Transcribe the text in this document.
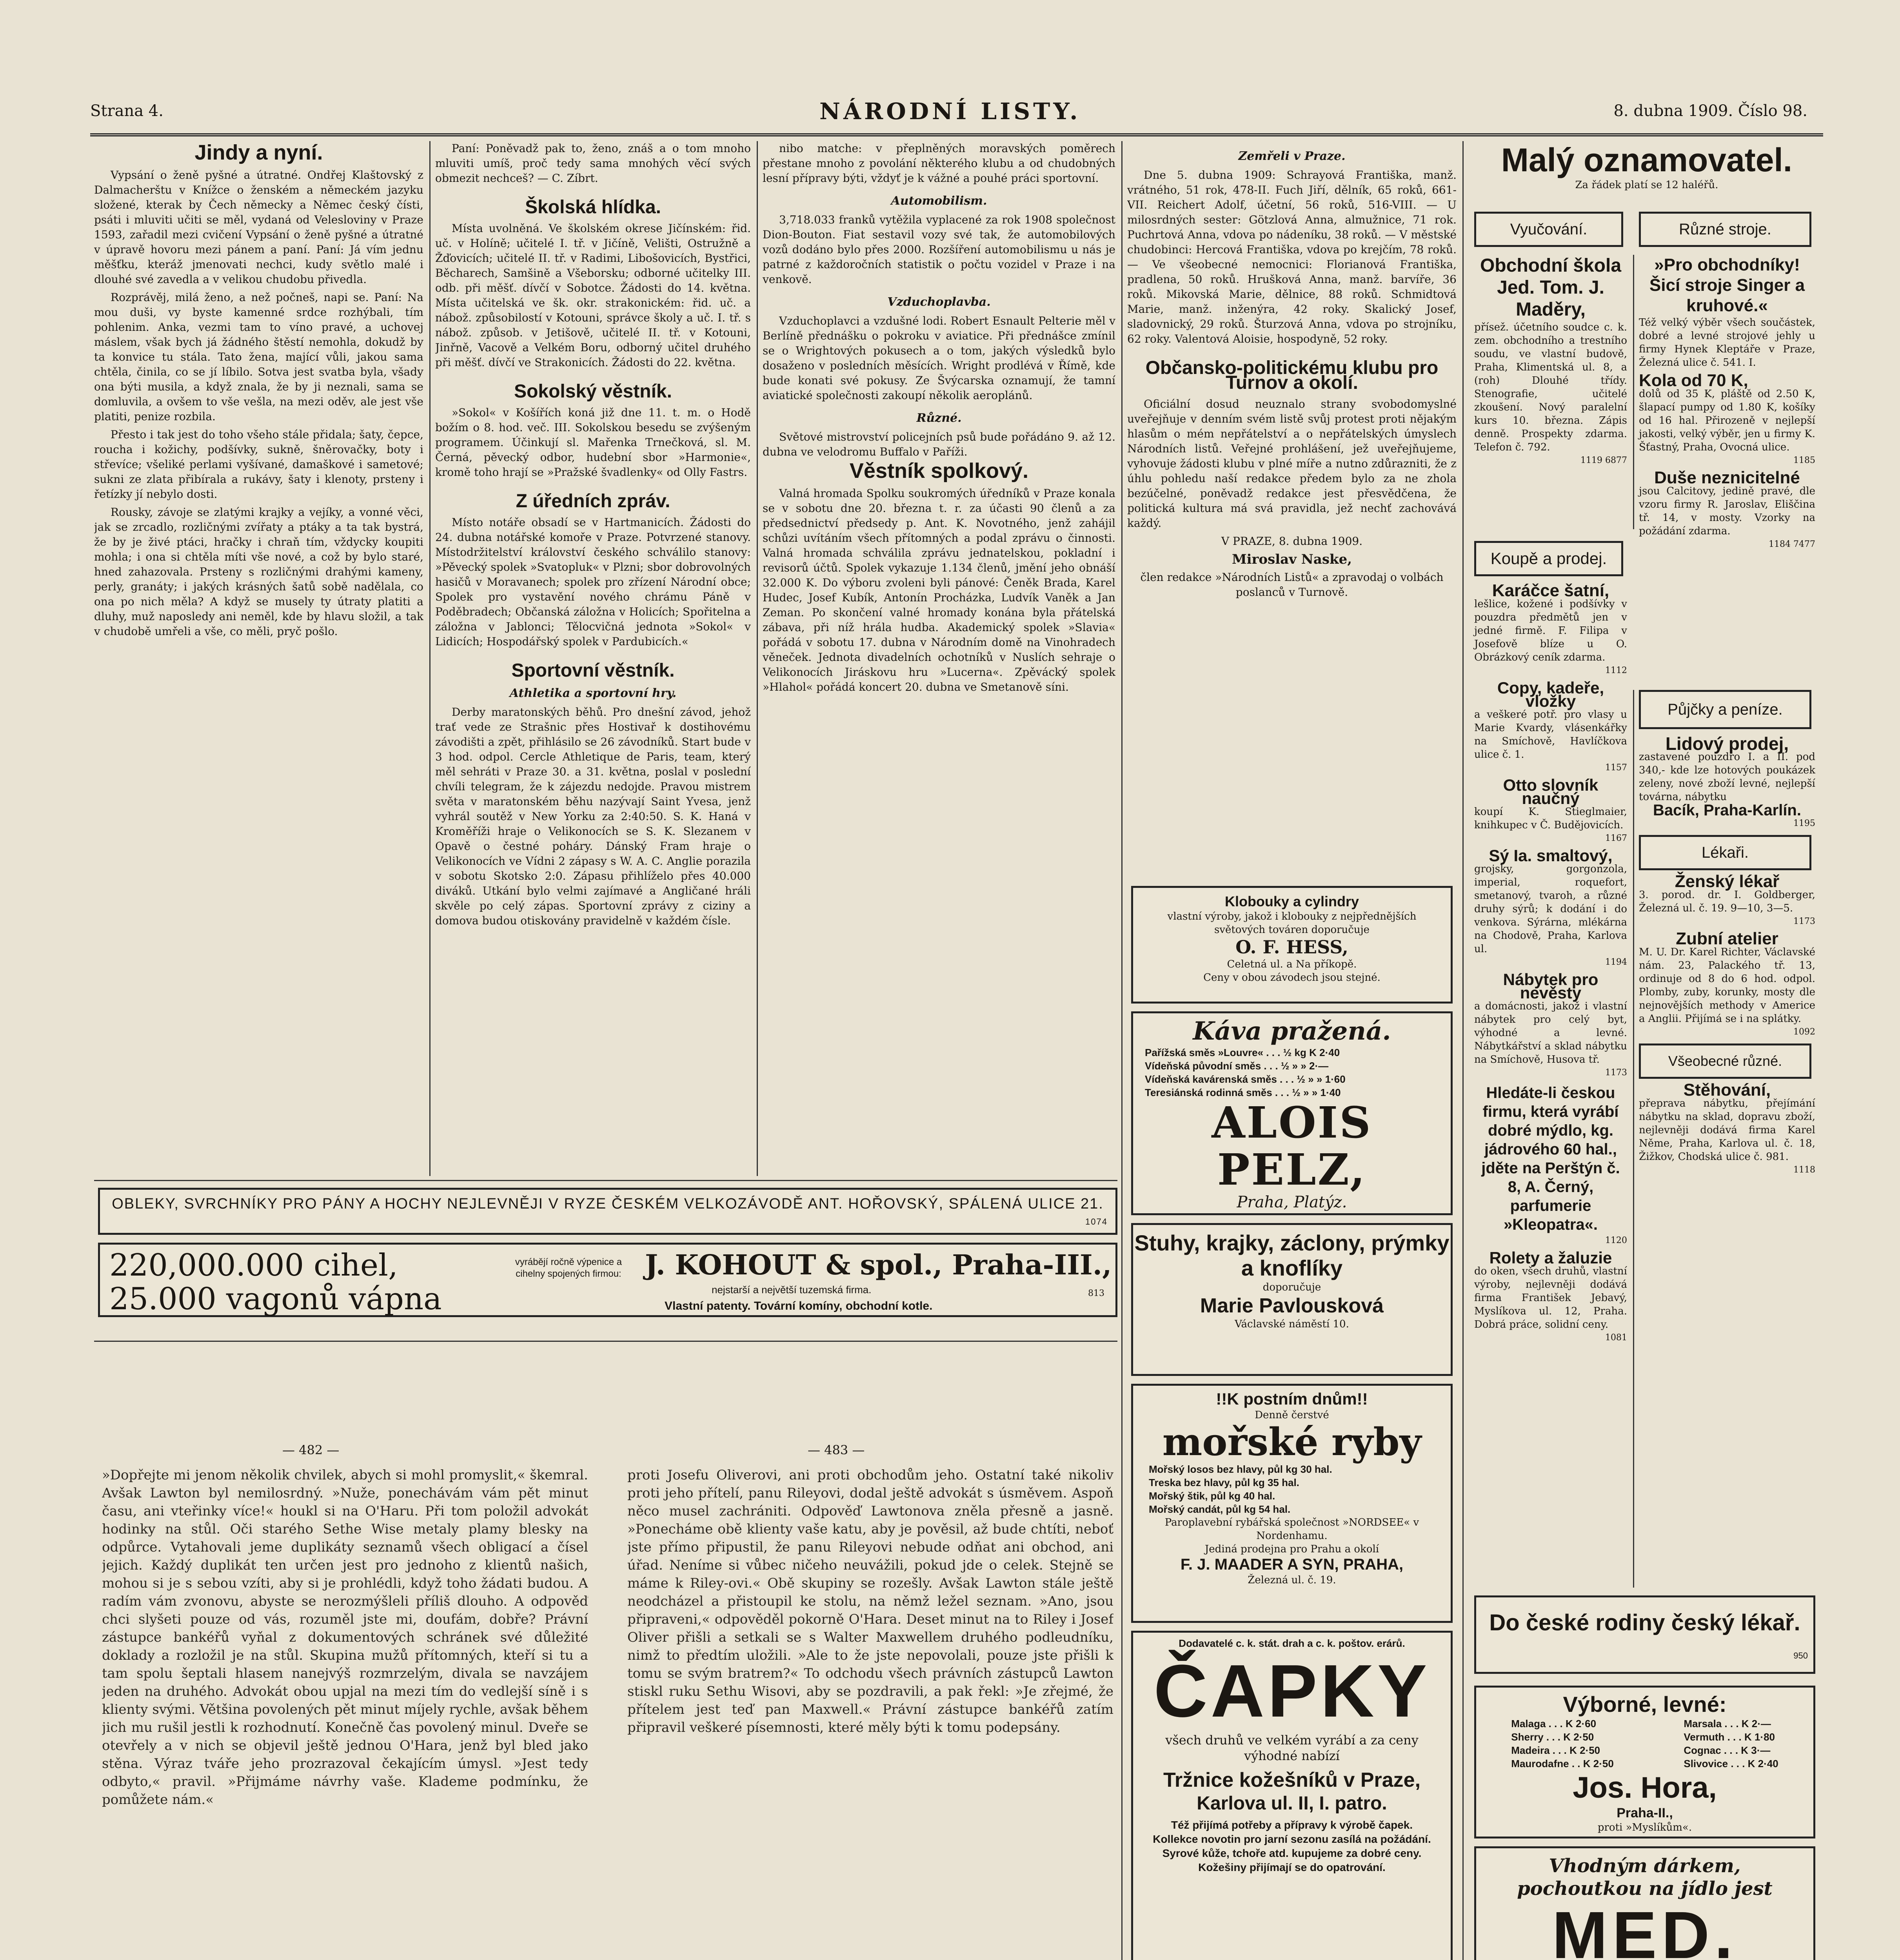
Strana 4.	NÁRODNÍ LISTY.	8. dubna 1909. Číslo 98.
Jindy a nyní.

Vypsání o ženě pyšné a útratné. Ondřej Klaštovský z Dalmacherštu v Knížce o ženském a německém jazyku složené, kterak by Čech německy a Němec český čísti, psáti i mluviti učiti se měl, vydaná od Velesloviny v Praze 1593, zařadil mezi cvičení Vypsání o ženě pyšné a útratné v úpravě hovoru mezi pánem a paní. Paní: Já vím jednu měšťku, kteráž jmenovati nechci, kudy světlo malé i dlouhé své zavedla a v velikou chudobu přivedla.

Rozprávěj, milá ženo, a než počneš, napi se. Paní: Na mou duši, vy byste kamenné srdce rozhýbali, tím pohlenim. Anka, vezmi tam to víno pravé, a uchovej máslem, však bych já žádného štěstí nemohla, dokudž by ta konvice tu stála. Tato žena, mající vůli, jakou sama chtěla, činila, co se jí líbilo. Sotva jest svatba byla, všady ona býti musila, a když znala, že by ji neznali, sama se domluvila, a ovšem to vše vešla, na mezi oděv, ale jest vše platiti, penize rozbila.

Přesto i tak jest do toho všeho stále přidala; šaty, čepce, roucha i kožichy, podšívky, sukně, šněrovačky, boty i střevíce; všeliké perlami vyšívané, damaškové i sametové; sukni ze zlata přibírala a rukávy, šaty i klenoty, prsteny i řetízky jí nebylo dosti.

Rousky, závoje se zlatými krajky a vejíky, a vonné věci, jak se zrcadlo, rozličnými zvířaty a ptáky a ta tak bystrá, že by je živé ptáci, hračky i chraň tím, vždycky koupiti mohla; i ona si chtěla míti vše nové, a což by bylo staré, hned zahazovala. Prsteny s rozličnými drahými kameny, perly, granáty; i jakých krásných šatů sobě nadělala, co ona po nich měla? A když se musely ty útraty platiti a dluhy, muž naposledy ani neměl, kde by hlavu složil, a tak v chudobě umřeli a vše, co měli, pryč pošlo.

Paní: Poněvadž pak to, ženo, znáš a o tom mnoho mluviti umíš, proč tedy sama mnohých věcí svých obmezit nechceš? — C. Zíbrt.

Školská hlídka.

Místa uvolněná. Ve školském okrese Jičínském: řid. uč. v Holíně; učitelé I. tř. v Jičíně, Velišti, Ostružně a Žďovicích; učitelé II. tř. v Radimi, Libošovicích, Bystřici, Běcharech, Samšině a Všeborsku; odborné učitelky III. odb. při měšť. dívčí v Sobotce. Žádosti do 14. května. Místa učitelská ve šk. okr. strakonickém: řid. uč. a nábož. způsobilostí v Kotouni, správce školy a uč. I. tř. s nábož. způsob. v Jetišově, učitelé II. tř. v Kotouni, Jinřně, Vacově a Velkém Boru, odborný učitel druhého při měšť. dívčí ve Strakonicích. Žádosti do 22. května.

Sokolský věstník.

»Sokol« v Košířích koná již dne 11. t. m. o Hodě božím o 8. hod. več. III. Sokolskou besedu se zvýšeným programem. Účinkují sl. Mařenka Trnečková, sl. M. Černá, pěvecký odbor, hudební sbor »Harmonie«, kromě toho hrají se »Pražské švadlenky« od Olly Fastrs.

Z úředních zpráv.

Místo notáře obsadí se v Hartmanicích. Žádosti do 24. dubna notářské komoře v Praze. Potvrzené stanovy. Místodržitelství království českého schválilo stanovy: »Pěvecký spolek »Svatopluk« v Plzni; sbor dobrovolných hasičů v Moravanech; spolek pro zřízení Národní obce; Spolek pro vystavění nového chrámu Páně v Poděbradech; Občanská záložna v Holicích; Spořitelna a záložna v Jablonci; Tělocvičná jednota »Sokol« v Lidicích; Hospodářský spolek v Pardubicích.«

Sportovní věstník.
Athletika a sportovní hry.

Derby maratonských běhů. Pro dnešní závod, jehož trať vede ze Strašnic přes Hostivař k dostihovému závodišti a zpět, přihlásilo se 26 závodníků. Start bude v 3 hod. odpol. Cercle Athletique de Paris, team, který měl sehráti v Praze 30. a 31. května, poslal v poslední chvíli telegram, že k zájezdu nedojde. Pravou mistrem světa v maratonském běhu nazývají Saint Yvesa, jenž vyhrál soutěž v New Yorku za 2:40:50. S. K. Haná v Kroměříži hraje o Velikonocích se S. K. Slezanem v Opavě o čestné poháry. Dánský Fram hraje o Velikonocích ve Vídni 2 zápasy s W. A. C. Anglie porazila v sobotu Skotsko 2:0. Zápasu přihlíželo přes 40.000 diváků. Utkání bylo velmi zajímavé a Angličané hráli skvěle po celý zápas. Sportovní zprávy z ciziny a domova budou otiskovány pravidelně v každém čísle.

nibo matche: v přeplněných moravských poměrech přestane mnoho z povolání některého klubu a od chudobných lesní přípravy býti, vždyť je k vážné a pouhé práci sportovní.

Automobilism.

3,718.033 franků vytěžila vyplacené za rok 1908 společnost Dion-Bouton. Fiat sestavil vozy své tak, že automobilových vozů dodáno bylo přes 2000. Rozšíření automobilismu u nás je patrné z každoročních statistik o počtu vozidel v Praze i na venkově.

Vzduchoplavba.

Vzduchoplavci a vzdušné lodi. Robert Esnault Pelterie měl v Berlíně přednášku o pokroku v aviatice. Při přednášce zmínil se o Wrightových pokusech a o tom, jakých výsledků bylo dosaženo v posledních měsících. Wright prodlévá v Římě, kde bude konati své pokusy. Ze Švýcarska oznamují, že tamní aviatické společnosti zakoupí několik aeroplánů.

Různé.

Světové mistrovství policejních psů bude pořádáno 9. až 12. dubna ve velodromu Buffalo v Paříži.

Věstník spolkový.

Valná hromada Spolku soukromých úředníků v Praze konala se v sobotu dne 20. března t. r. za účasti 90 členů a za předsednictví předsedy p. Ant. K. Novotného, jenž zahájil schůzi uvítáním všech přítomných a podal zprávu o činnosti. Valná hromada schválila zprávu jednatelskou, pokladní i revisorů účtů. Spolek vykazuje 1.134 členů, jmění jeho obnáší 32.000 K. Do výboru zvoleni byli pánové: Čeněk Brada, Karel Hudec, Josef Kubík, Antonín Procházka, Ludvík Vaněk a Jan Zeman. Po skončení valné hromady konána byla přátelská zábava, při níž hrála hudba. Akademický spolek »Slavia« pořádá v sobotu 17. dubna v Národním domě na Vinohradech věneček. Jednota divadelních ochotníků v Nuslích sehraje o Velikonocích Jiráskovu hru »Lucerna«. Zpěvácký spolek »Hlahol« pořádá koncert 20. dubna ve Smetanově síni.

Zemřeli v Praze.

Dne 5. dubna 1909: Schrayová Františka, manž. vrátného, 51 rok, 478-II. Fuch Jiří, dělník, 65 roků, 661-VII. Reichert Adolf, účetní, 56 roků, 516-VIII. — U milosrdných sester: Götzlová Anna, almužnice, 71 rok. Puchrtová Anna, vdova po nádeníku, 38 roků. — V městské chudobinci: Hercová Františka, vdova po krejčím, 78 roků. — Ve všeobecné nemocnici: Florianová Františka, pradlena, 50 roků. Hrušková Anna, manž. barvíře, 36 roků. Mikovská Marie, dělnice, 88 roků. Schmidtová Marie, manž. inženýra, 42 roky. Skalický Josef, sladovnický, 29 roků. Šturzová Anna, vdova po strojníku, 62 roky. Valentová Aloisie, hospodyně, 52 roky.

Občansko-politickému klubu pro Turnov a okolí.

Oficiální dosud neuznalo strany svobodomyslné uveřejňuje v denním svém listě svůj protest proti nějakým hlasům o mém nepřátelství a o nepřátelských úmyslech Národních listů. Veřejné prohlášení, jež uveřejňujeme, vyhovuje žádosti klubu v plné míře a nutno zdůrazniti, že z úhlu pohledu naší redakce předem bylo za ne zhola bezúčelné, poněvadž redakce jest přesvědčena, že politická kultura má svá pravidla, jež nechť zachovává každý.

V PRAZE, 8. dubna 1909.

Miroslav Naske,

člen redakce »Národních Listů« a zpravodaj o volbách poslanců v Turnově.

OBLEKY, SVRCHNÍKY PRO PÁNY A HOCHY NEJLEVNĚJI V RYZE ČESKÉM VELKOZÁVODĚ ANT. HOŘOVSKÝ, SPÁLENÁ ULICE 21.
1074
220,000.000 cihel,
25.000 vagonů vápna
vyrábějí ročně výpenice a cihelny spojených firmou: J. KOHOUT & spol., Praha-III.,
nejstarší a největší tuzemská firma.
Vlastní patenty. Tovární komíny, obchodní kotle.
813
— 482 —	— 483 —
»Dopřejte mi jenom několik chvilek, abych si mohl promyslit,« škemral. Avšak Lawton byl nemilosrdný. »Nuže, ponechávám vám pět minut času, ani vteřinky více!« houkl si na O'Haru. Při tom položil advokát hodinky na stůl. Oči starého Sethe Wise metaly plamy blesky na odpůrce. Vytahovali jeme duplikáty seznamů všech obligací a čísel jejich. Každý duplikát ten určen jest pro jednoho z klientů našich, mohou si je s sebou vzíti, aby si je prohlédli, když toho žádati budou. A radím vám zvonovu, abyste se nerozmýšleli příliš dlouho. A odpověď chci slyšeti pouze od vás, rozuměl jste mi, doufám, dobře? Právní zástupce bankéřů vyňal z dokumentových schránek své důležité doklady a rozložil je na stůl. Skupina mužů přítomných, kteří si tu a tam spolu šeptali hlasem nanejvýš rozmrzelým, divala se navzájem jeden na druhého. Advokát obou upjal na mezi tím do vedlejší síně i s klienty svými. Většina povolených pět minut míjely rychle, avšak během jich mu rušil jestli k rozhodnutí. Konečně čas povolený minul. Dveře se otevřely a v nich se objevil ještě jednou O'Hara, jenž byl bled jako stěna. Výraz tváře jeho prozrazoval čekajícím úmysl. »Jest tedy odbyto,« pravil. »Přijmáme návrhy vaše. Klademe podmínku, že pomůžete nám.«
proti Josefu Oliverovi, ani proti obchodům jeho. Ostatní také nikoliv proti jeho přítelí, panu Rileyovi, dodal ještě advokát s úsměvem. Aspoň něco musel zachrániti. Odpověď Lawtonova zněla přesně a jasně. »Ponecháme obě klienty vaše katu, aby je pověsil, až bude chtíti, neboť jste přímo připustil, že panu Rileyovi nebude odňat ani obchod, ani úřad. Neníme si vůbec ničeho neuvážili, pokud jde o celek. Stejně se máme k Riley-ovi.« Obě skupiny se rozešly. Avšak Lawton stále ještě neodcházel a přistoupil ke stolu, na němž ležel seznam. »Ano, jsou připraveni,« odpověděl pokorně O'Hara. Deset minut na to Riley i Josef Oliver přišli a setkali se s Walter Maxwellem druhého podleudníku, nimž to předtím uložili. »Ale to že jste nepovolali, pouze jste přišli k tomu se svým bratrem?« To odchodu všech právních zástupců Lawton stiskl ruku Sethu Wisovi, aby se pozdravili, a pak řekl: »Je zřejmé, že přítelem jest teď pan Maxwell.« Právní zástupce bankéřů zatím připravil veškeré písemnosti, které měly býti k tomu podepsány.
Klobouky a cylindry
vlastní výroby, jakož i klobouky z nejpřednějších světových továren doporučuje
O. F. HESS,
Celetná ul. a Na příkopě.
Ceny v obou závodech jsou stejné.
Káva pražená.
Pařížská směs »Louvre« . . . ½ kg K 2·40
Vídeňská původní směs . . . ½ » » 2·—
Vídeňská kavárenská směs . . . ½ » » 1·60
Teresiánská rodinná směs . . . ½ » » 1·40
ALOIS PELZ,
Praha, Platýz.
Stuhy, krajky, záclony, prýmky a knoflíky
doporučuje
Marie Pavlousková
Václavské náměstí 10.
!!K postním dnům!!
Denně čerstvé
mořské ryby
Mořský losos bez hlavy, půl kg 30 hal.
Treska bez hlavy, půl kg 35 hal.
Mořský štik, půl kg 40 hal.
Mořský candát, půl kg 54 hal.
Paroplavební rybářská společnost »NORDSEE« v Nordenhamu.
Jediná prodejna pro Prahu a okolí
F. J. MAADER A SYN, PRAHA,
Železná ul. č. 19.
Dodavatelé c. k. stát. drah a c. k. poštov. erárů.
ČAPKY
všech druhů ve velkém vyrábí a za ceny výhodné nabízí
Tržnice kožešníků v Praze,
Karlova ul. II, I. patro.
Též přijímá potřeby a přípravy k výrobě čapek. Kollekce novotin pro jarní sezonu zasílá na požádání. Syrové kůže, tchoře atd. kupujeme za dobré ceny. Kožešiny přijímají se do opatrování.
Malý oznamovatel.
Za řádek platí se 12 haléřů.
Vyučování.	Různé stroje.

Obchodní škola Jed. Tom. J. Maděry,

přísež. účetního soudce c. k. zem. obchodního a trestního soudu, ve vlastní budově, Praha, Klimentská ul. 8, a (roh) Dlouhé třídy. Stenografie, učitelé zkoušení. Nový paralelní kurs 10. března. Zápis denně. Prospekty zdarma. Telefon č. 792.

1119 6877

»Pro obchodníky! Šicí stroje Singer a kruhové.«

Též velký výběr všech součástek, dobré a levné strojové jehly u firmy Hynek Kleptáře v Praze, Železná ulice č. 541. I.

Kola od 70 K,

dolů od 35 K, pláště od 2.50 K, šlapací pumpy od 1.80 K, košíky od 16 hal. Přirozeně v nejlepší jakosti, velký výběr, jen u firmy K. Šťastný, Praha, Ovocná ulice.

1185

Duše neznicitelné

jsou Calcitovy, jedině pravé, dle vzoru firmy R. Jaroslav, Eliščina tř. 14, v mosty. Vzorky na požádání zdarma.

1184 7477

Koupě a prodej.

Karáčce šatní,

lešlice, kožené i podšívky v pouzdra předmětů jen v jedné firmě. F. Filipa v Josefově blíze u O. Obrázkový ceník zdarma.

1112

Copy, kadeře, vložky

a veškeré potř. pro vlasy u Marie Kvardy, vlásenkářky na Smíchově, Havlíčkova ulice č. 1.

1157

Otto slovník naučný

koupí K. Stieglmaier, knihkupec v Č. Budějovicích.

1167

Sý Ia. smaltový,

grojsky, gorgonzola, imperial, roquefort, smetanový, tvaroh, a různé druhy sýrů; k dodání i do venkova. Sýrárna, mlékárna na Chodově, Praha, Karlova ul.

1194

Nábytek pro nevěsty

a domácnosti, jakož i vlastní nábytek pro celý byt, výhodné a levné. Nábytkářství a sklad nábytku na Smíchově, Husova tř.

1173

Hledáte-li českou firmu, která vyrábí dobré mýdlo, kg. jádrového 60 hal., jděte na Perštýn č. 8, A. Černý, parfumerie »Kleopatra«.

1120

Rolety a žaluzie

do oken, všech druhů, vlastní výroby, nejlevněji dodává firma František Jebavý, Myslíkova ul. 12, Praha. Dobrá práce, solidní ceny.

1081

Půjčky a peníze.

Lidový prodej,

zastavené pouzdro I. a II. pod 340,- kde lze hotových poukázek zeleny, nové zboží levné, nejlepší továrna, nábytku

Bacík, Praha-Karlín.

1195

Lékaři.

Ženský lékař

3. porod. dr. I. Goldberger, Železná ul. č. 19. 9—10, 3—5.

1173

Zubní atelier

M. U. Dr. Karel Richter, Václavské nám. 23, Palackého tř. 13, ordinuje od 8 do 6 hod. odpol. Plomby, zuby, korunky, mosty dle nejnovějších methody v Americe a Anglii. Přijímá se i na splátky.

1092

Všeobecné různé.

Stěhování,

přeprava nábytku, přejímání nábytku na sklad, dopravu zboží, nejlevněji dodává firma Karel Něme, Praha, Karlova ul. č. 18, Žižkov, Chodská ulice č. 981.

1118

Do české rodiny český lékař.
950
Výborné, levné:
Malaga . . . K 2·60
Sherry . . . K 2·50
Madeira . . . K 2·50
Maurodafne . . K 2·50
Marsala . . . K 2·—
Vermuth . . . K 1·80
Cognac . . . K 3·—
Slivovice . . . K 2·40
Jos. Hora,
Praha-II.,
proti »Myslíkům«.
Vhodným dárkem, pochoutkou na jídlo jest
MED.
